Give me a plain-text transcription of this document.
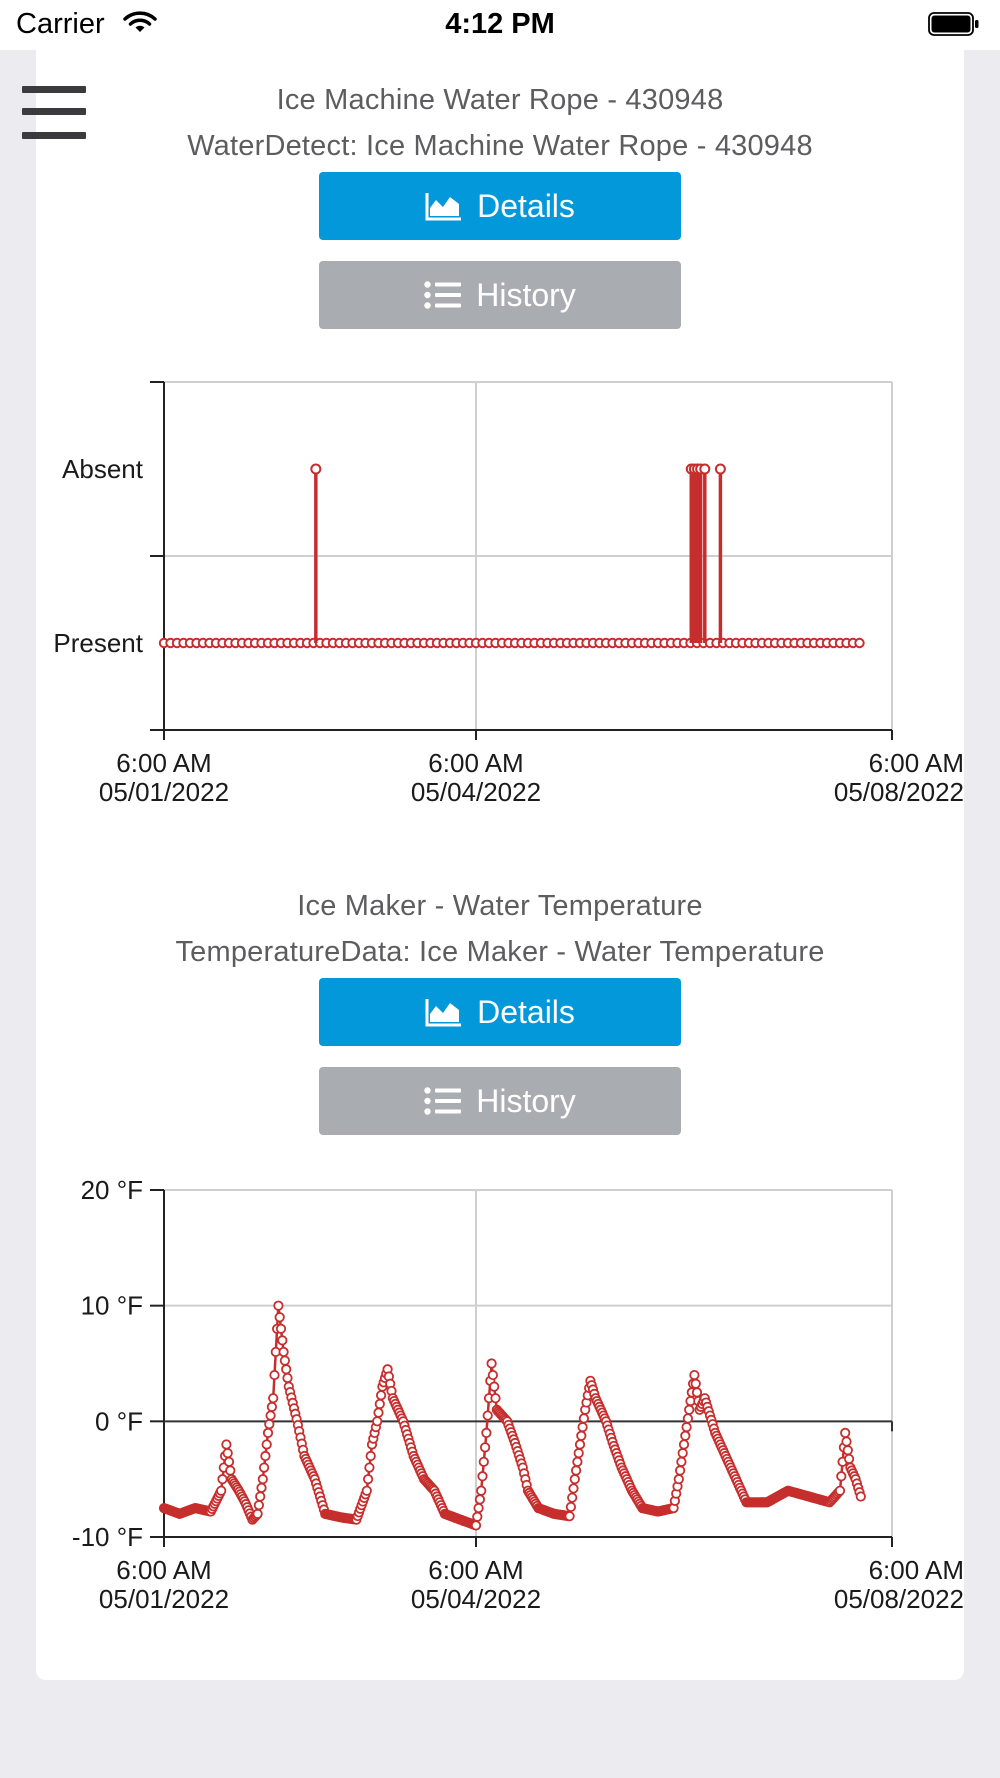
Carrier	4:12 PM
Ice Machine Water Rope - 430948
WaterDetect: Ice Machine Water Rope - 430948
Details
History
6:00 AM
05/01/2022
6:00 AM
05/04/2022
6:00 AM
05/08/2022
Present
Absent
Ice Maker - Water Temperature
TemperatureData: Ice Maker - Water Temperature
Details
History
6:00 AM
05/01/2022
6:00 AM
05/04/2022
6:00 AM
05/08/2022
-10 °F
0 °F
10 °F
20 °F
